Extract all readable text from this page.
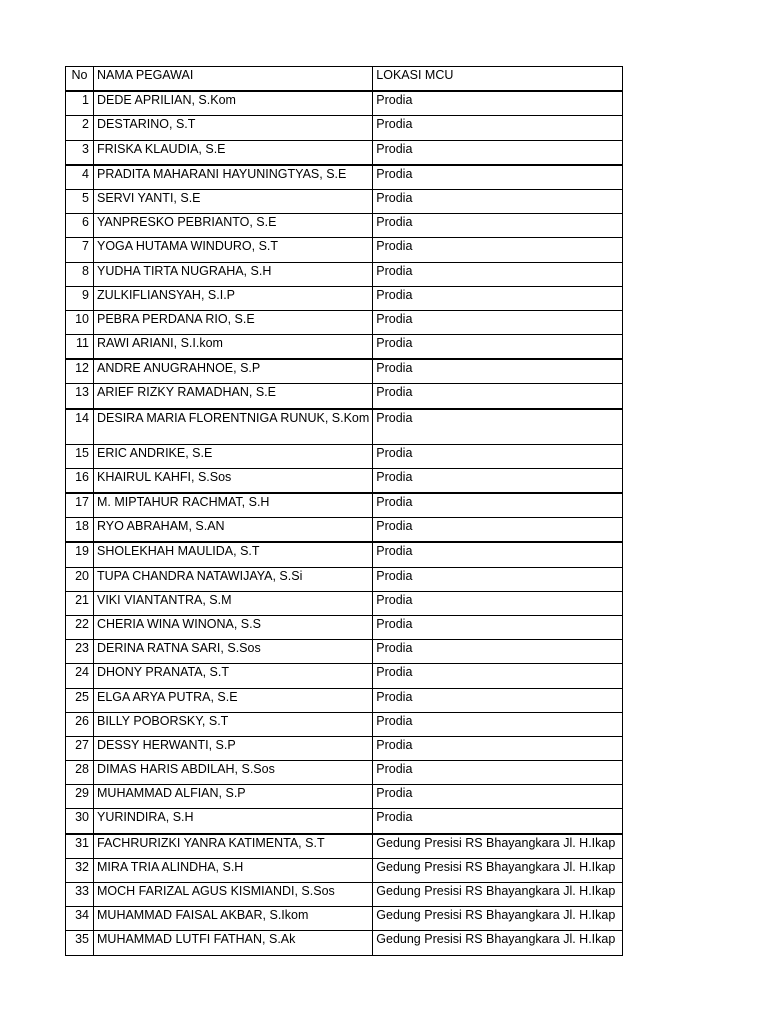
No	NAMA PEGAWAI	LOKASI MCU
1	DEDE APRILIAN, S.Kom	Prodia
2	DESTARINO, S.T	Prodia
3	FRISKA KLAUDIA, S.E	Prodia
4	PRADITA MAHARANI HAYUNINGTYAS, S.E	Prodia
5	SERVI YANTI, S.E	Prodia
6	YANPRESKO PEBRIANTO, S.E	Prodia
7	YOGA HUTAMA WINDURO, S.T	Prodia
8	YUDHA TIRTA NUGRAHA, S.H	Prodia
9	ZULKIFLIANSYAH, S.I.P	Prodia
10	PEBRA PERDANA RIO, S.E	Prodia
11	RAWI ARIANI, S.I.kom	Prodia
12	ANDRE ANUGRAHNOE, S.P	Prodia
13	ARIEF RIZKY RAMADHAN, S.E	Prodia
14	DESIRA MARIA FLORENTNIGA RUNUK, S.Kom	Prodia
15	ERIC ANDRIKE, S.E	Prodia
16	KHAIRUL KAHFI, S.Sos	Prodia
17	M. MIPTAHUR RACHMAT, S.H	Prodia
18	RYO ABRAHAM, S.AN	Prodia
19	SHOLEKHAH MAULIDA, S.T	Prodia
20	TUPA CHANDRA NATAWIJAYA, S.Si	Prodia
21	VIKI VIANTANTRA, S.M	Prodia
22	CHERIA WINA WINONA, S.S	Prodia
23	DERINA RATNA SARI, S.Sos	Prodia
24	DHONY PRANATA, S.T	Prodia
25	ELGA ARYA PUTRA, S.E	Prodia
26	BILLY POBORSKY, S.T	Prodia
27	DESSY HERWANTI, S.P	Prodia
28	DIMAS HARIS ABDILAH, S.Sos	Prodia
29	MUHAMMAD ALFIAN, S.P	Prodia
30	YURINDIRA, S.H	Prodia
31	FACHRURIZKI YANRA KATIMENTA, S.T	Gedung Presisi RS Bhayangkara Jl. H.Ikap
32	MIRA TRIA ALINDHA, S.H	Gedung Presisi RS Bhayangkara Jl. H.Ikap
33	MOCH FARIZAL AGUS KISMIANDI, S.Sos	Gedung Presisi RS Bhayangkara Jl. H.Ikap
34	MUHAMMAD FAISAL AKBAR, S.Ikom	Gedung Presisi RS Bhayangkara Jl. H.Ikap
35	MUHAMMAD LUTFI FATHAN, S.Ak	Gedung Presisi RS Bhayangkara Jl. H.Ikap
